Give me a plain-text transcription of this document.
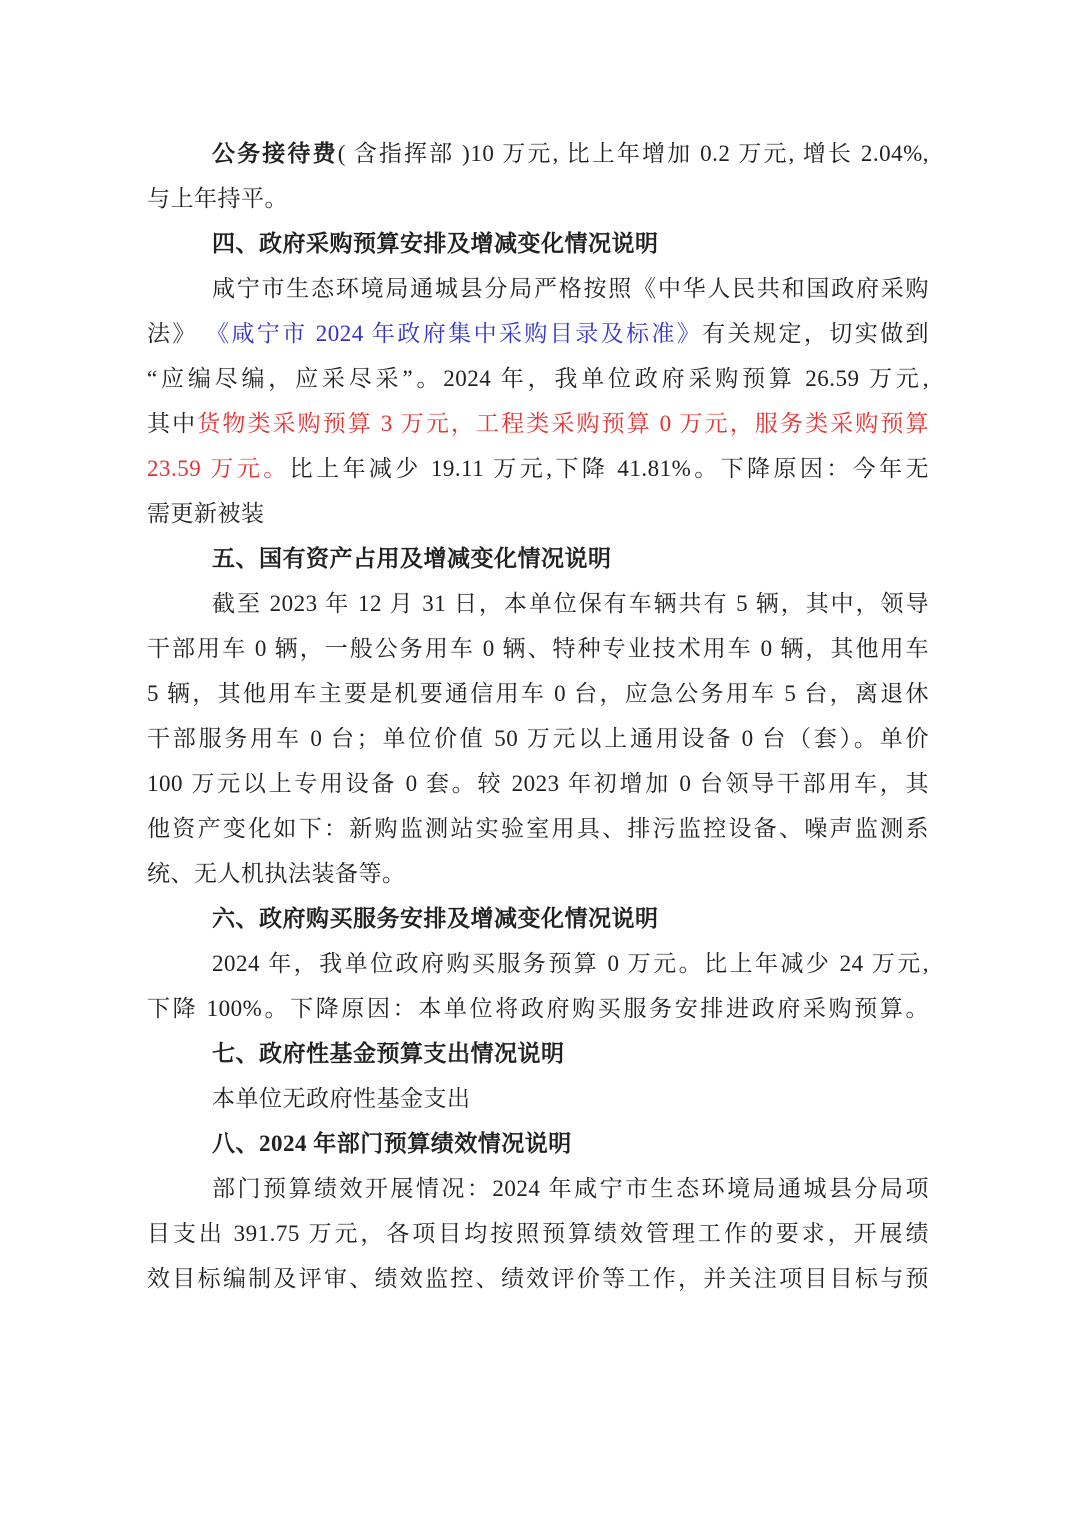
公务接待费( 含指挥部 )10 万元, 比上年增加 0.2 万元, 增长 2.04%,
与上年持平。
四、政府采购预算安排及增减变化情况说明
咸宁市生态环境局通城县分局严格按照《中华人民共和国政府采购
法》 《咸宁市 2024 年政府集中采购目录及标准》有关规定，切实做到
“应编尽编，应采尽采”。2024 年，我单位政府采购预算 26.59 万元,
其中货物类采购预算 3 万元，工程类采购预算 0 万元，服务类采购预算
23.59 万元。比上年减少 19.11 万元,下降 41.81%。下降原因：今年无
需更新被装
五、国有资产占用及增减变化情况说明
截至 2023 年 12 月 31 日，本单位保有车辆共有 5 辆，其中，领导
干部用车 0 辆，一般公务用车 0 辆、特种专业技术用车 0 辆，其他用车
5 辆，其他用车主要是机要通信用车 0 台，应急公务用车 5 台，离退休
干部服务用车 0 台；单位价值 50 万元以上通用设备 0 台（套）。单价
100 万元以上专用设备 0 套。较 2023 年初增加 0 台领导干部用车，其
他资产变化如下：新购监测站实验室用具、排污监控设备、噪声监测系
统、无人机执法装备等。
六、政府购买服务安排及增减变化情况说明
2024 年，我单位政府购买服务预算 0 万元。比上年减少 24 万元,
下降 100%。下降原因：本单位将政府购买服务安排进政府采购预算。
七、政府性基金预算支出情况说明
本单位无政府性基金支出
八、2024 年部门预算绩效情况说明
部门预算绩效开展情况：2024 年咸宁市生态环境局通城县分局项
目支出 391.75 万元，各项目均按照预算绩效管理工作的要求，开展绩
效目标编制及评审、绩效监控、绩效评价等工作，并关注项目目标与预
